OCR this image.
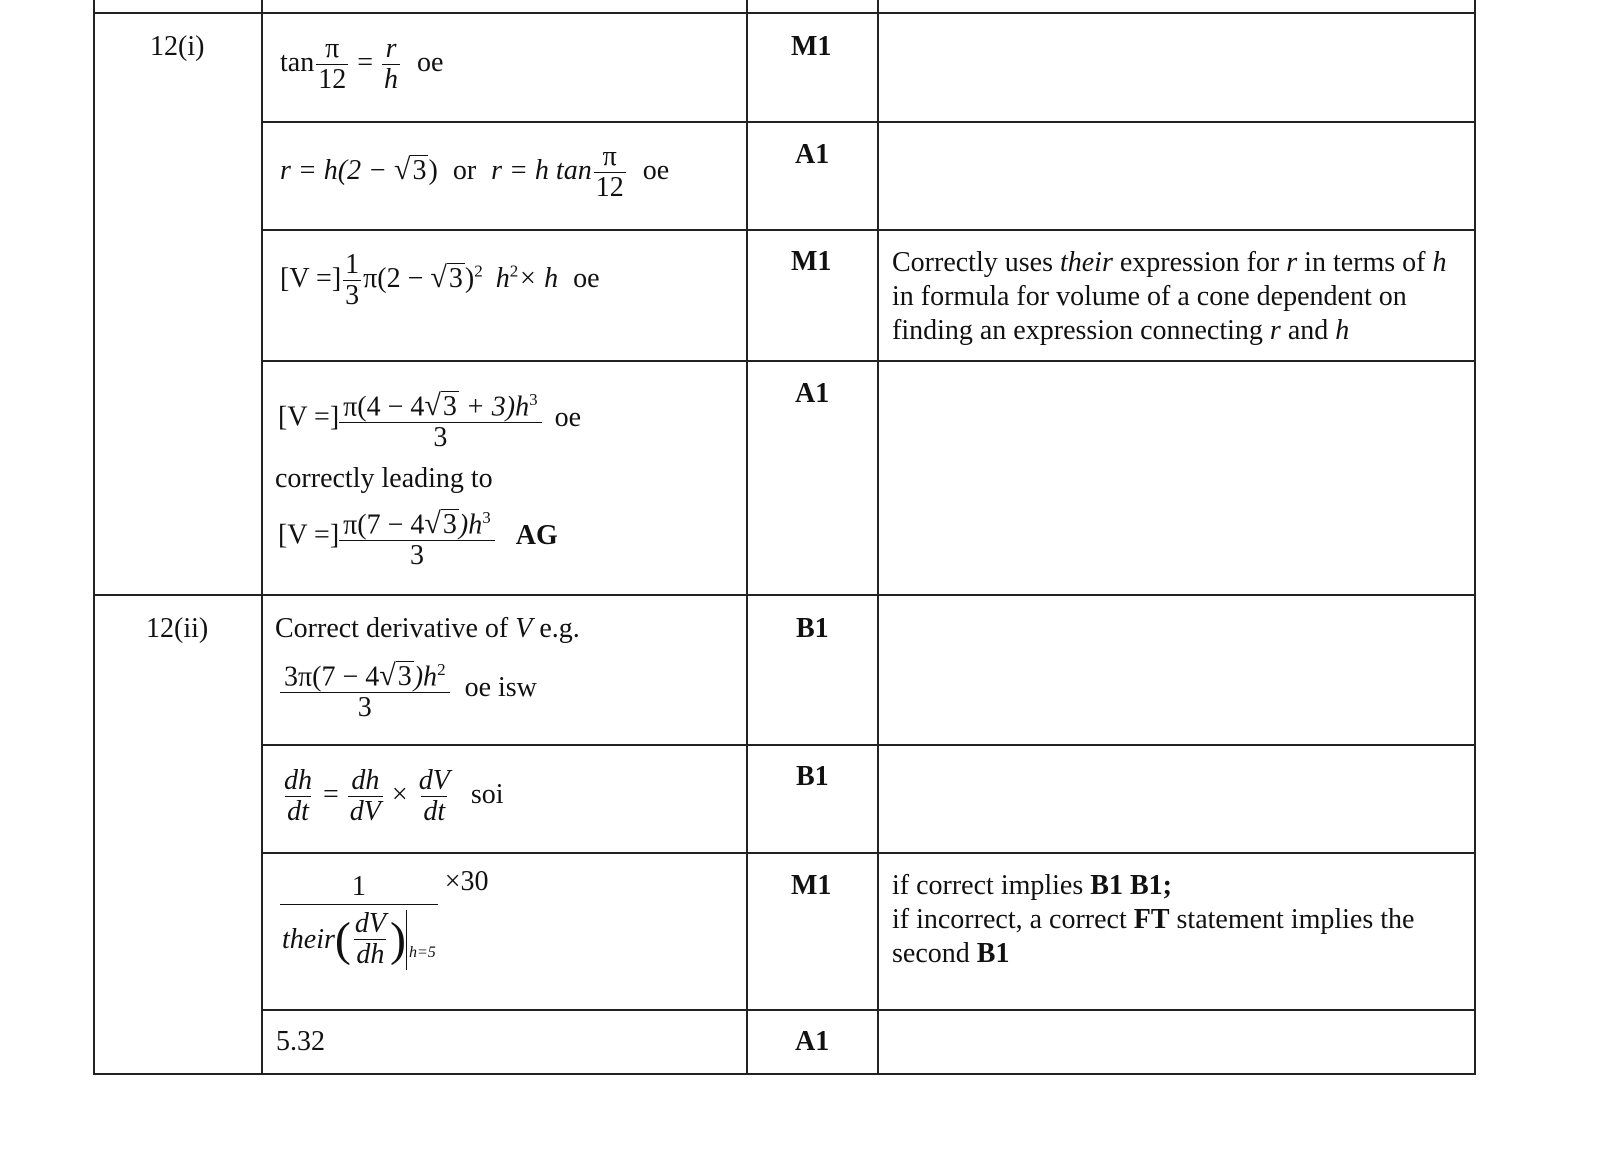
12(i)
12(ii)
M1
A1
M1
A1
B1
B1
M1
A1
$\tan \frac{\pi}{12} = \frac{r}{h}$ oe
r = h(2 − √ 3 ) or r = h $\tan \frac{\pi}{12}$ oe
[V =] $\frac{1}{3} \pi(2$ − √ 3 )$^2$ $h^2\times h$ oe
Correctly uses their expression for r in terms of h in formula for volume of a cone dependent on finding an expression connecting r and h
[V =] $\frac{\pi(4 - 4 √ 3 + 3)h^3}{3}$ oe
correctly leading to
[V =] $\frac{\pi(7 - 4 √ 3 )h^3}{3}$ AG
Correct derivative of V e.g.
$\frac{3\pi(7 - 4 √ 3 )h^2}{3}$ oe isw
$\frac{dh}{dt} = \frac{dh}{dV} \times \frac{dV}{dt}$ soi
1
their ( $\frac{dV}{dh}$ ) h=5
×30	if correct implies B1 B1;
if incorrect, a correct FT statement implies the second B1
5.32
